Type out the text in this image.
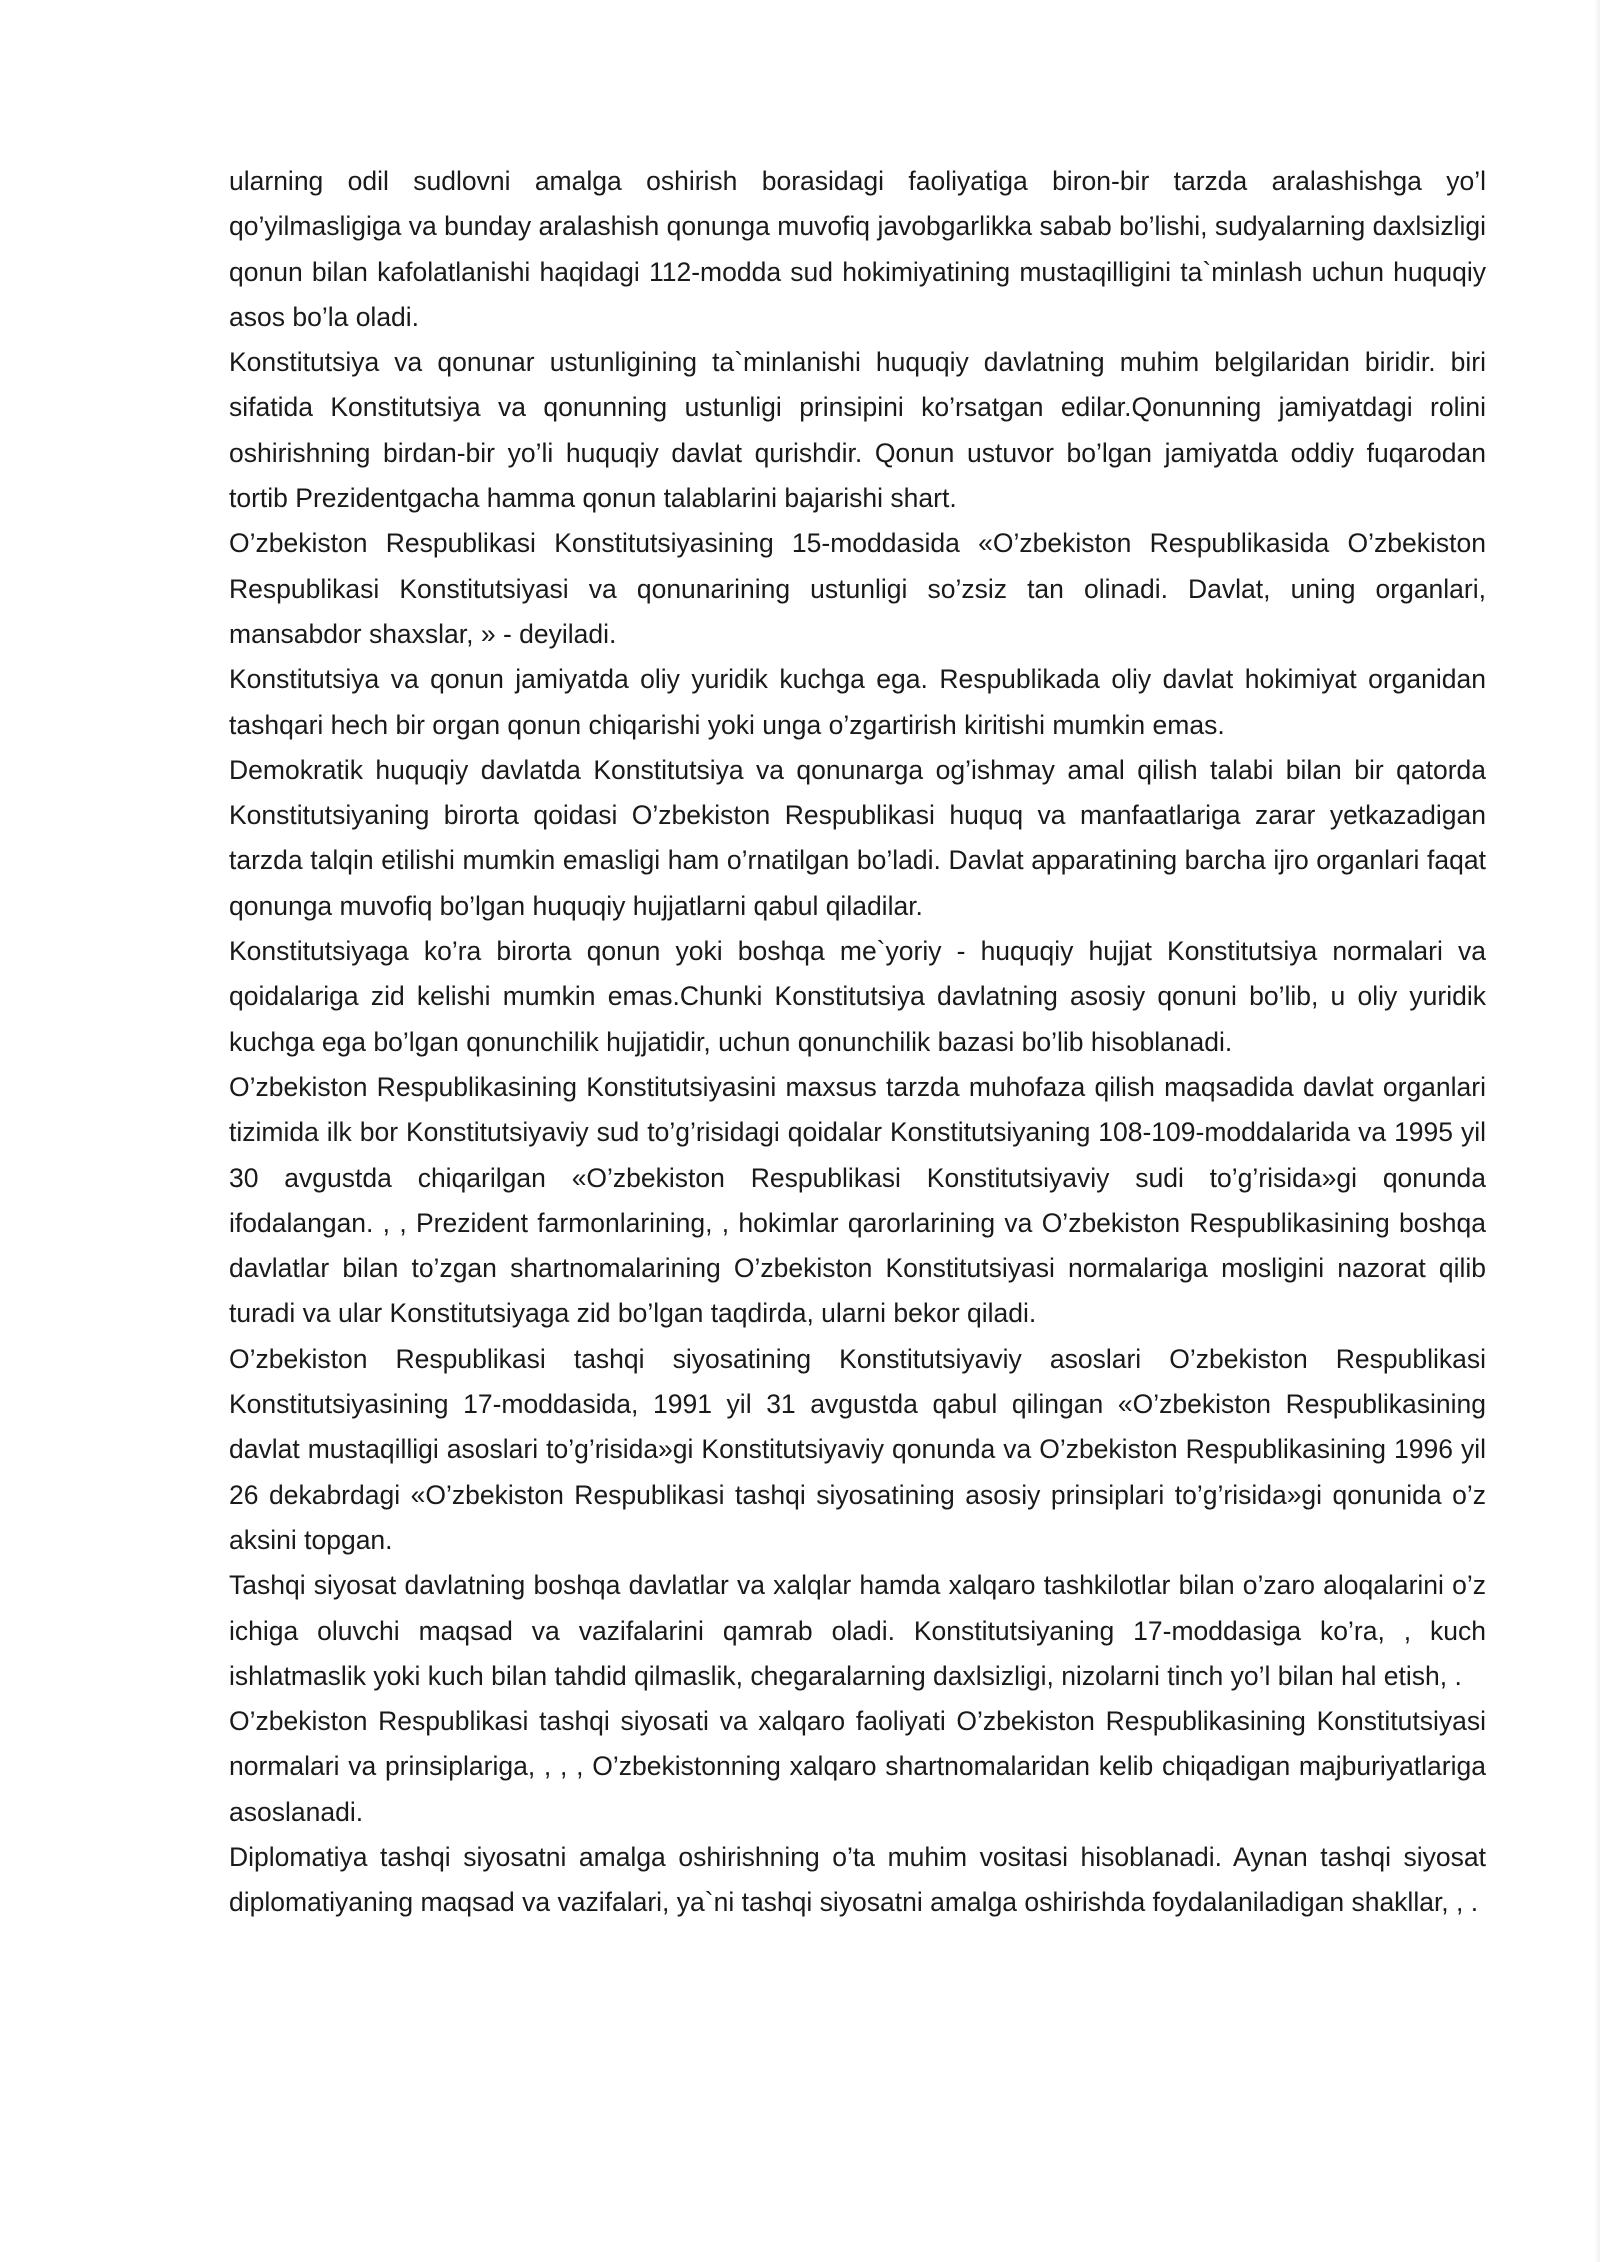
ularning odil sudlovni amalga oshirish borasidagi faoliyatiga biron-bir tarzda aralashishga yo’l qo’yilmasligiga va bunday aralashish qonunga muvofiq javobgarlikka sabab bo’lishi, sudyalarning daxlsizligi qonun bilan kafolatlanishi haqidagi 112-modda sud hokimiyatining mustaqilligini ta`minlash uchun huquqiy asos bo’la oladi.

Konstitutsiya va qonunar ustunligining ta`minlanishi huquqiy davlatning muhim belgilaridan biridir. biri sifatida Konstitutsiya va qonunning ustunligi prinsipini ko’rsatgan edilar.Qonunning jamiyatdagi rolini oshirishning birdan-bir yo’li huquqiy davlat qurishdir. Qonun ustuvor bo’lgan jamiyatda oddiy fuqarodan tortib Prezidentgacha hamma qonun talablarini bajarishi shart.

O’zbekiston Respublikasi Konstitutsiyasining 15-moddasida «O’zbekiston Respublikasida O’zbekiston Respublikasi Konstitutsiyasi va qonunarining ustunligi so’zsiz tan olinadi. Davlat, uning organlari, mansabdor shaxslar, » - deyiladi.

Konstitutsiya va qonun jamiyatda oliy yuridik kuchga ega. Respublikada oliy davlat hokimiyat organidan tashqari hech bir organ qonun chiqarishi yoki unga o’zgartirish kiritishi mumkin emas.

Demokratik huquqiy davlatda Konstitutsiya va qonunarga og’ishmay amal qilish talabi bilan bir qatorda Konstitutsiyaning birorta qoidasi O’zbekiston Respublikasi huquq va manfaatlariga zarar yetkazadigan tarzda talqin etilishi mumkin emasligi ham o’rnatilgan bo’ladi. Davlat apparatining barcha ijro organlari faqat qonunga muvofiq bo’lgan huquqiy hujjatlarni qabul qiladilar.

Konstitutsiyaga ko’ra birorta qonun yoki boshqa me`yoriy - huquqiy hujjat Konstitutsiya normalari va qoidalariga zid kelishi mumkin emas.Chunki Konstitutsiya davlatning asosiy qonuni bo’lib, u oliy yuridik kuchga ega bo’lgan qonunchilik hujjatidir, uchun qonunchilik bazasi bo’lib hisoblanadi.

O’zbekiston Respublikasining Konstitutsiyasini maxsus tarzda muhofaza qilish maqsadida davlat organlari tizimida ilk bor Konstitutsiyaviy sud to’g’risidagi qoidalar Konstitutsiyaning 108-109-moddalarida va 1995 yil 30 avgustda chiqarilgan «O’zbekiston Respublikasi Konstitutsiyaviy sudi to’g’risida»gi qonunda ifodalangan. , , Prezident farmonlarining, , hokimlar qarorlarining va O’zbekiston Respublikasining boshqa davlatlar bilan to’zgan shartnomalarining O’zbekiston Konstitutsiyasi normalariga mosligini nazorat qilib turadi va ular Konstitutsiyaga zid bo’lgan taqdirda, ularni bekor qiladi.

O’zbekiston Respublikasi tashqi siyosatining Konstitutsiyaviy asoslari O’zbekiston Respublikasi Konstitutsiyasining 17-moddasida, 1991 yil 31 avgustda qabul qilingan «O’zbekiston Respublikasining davlat mustaqilligi asoslari to’g’risida»gi Konstitutsiyaviy qonunda va O’zbekiston Respublikasining 1996 yil 26 dekabrdagi «O’zbekiston Respublikasi tashqi siyosatining asosiy prinsiplari to’g’risida»gi qonunida o’z aksini topgan.

Tashqi siyosat davlatning boshqa davlatlar va xalqlar hamda xalqaro tashkilotlar bilan o’zaro aloqalarini o’z ichiga oluvchi maqsad va vazifalarini qamrab oladi. Konstitutsiyaning 17-moddasiga ko’ra, , kuch ishlatmaslik yoki kuch bilan tahdid qilmaslik, chegaralarning daxlsizligi, nizolarni tinch yo’l bilan hal etish, .

O’zbekiston Respublikasi tashqi siyosati va xalqaro faoliyati O’zbekiston Respublikasining Konstitutsiyasi normalari va prinsiplariga, , , , O’zbekistonning xalqaro shartnomalaridan kelib chiqadigan majburiyatlariga asoslanadi.

Diplomatiya tashqi siyosatni amalga oshirishning o’ta muhim vositasi hisoblanadi. Aynan tashqi siyosat diplomatiyaning maqsad va vazifalari, ya`ni tashqi siyosatni amalga oshirishda foydalaniladigan shakllar, , .
